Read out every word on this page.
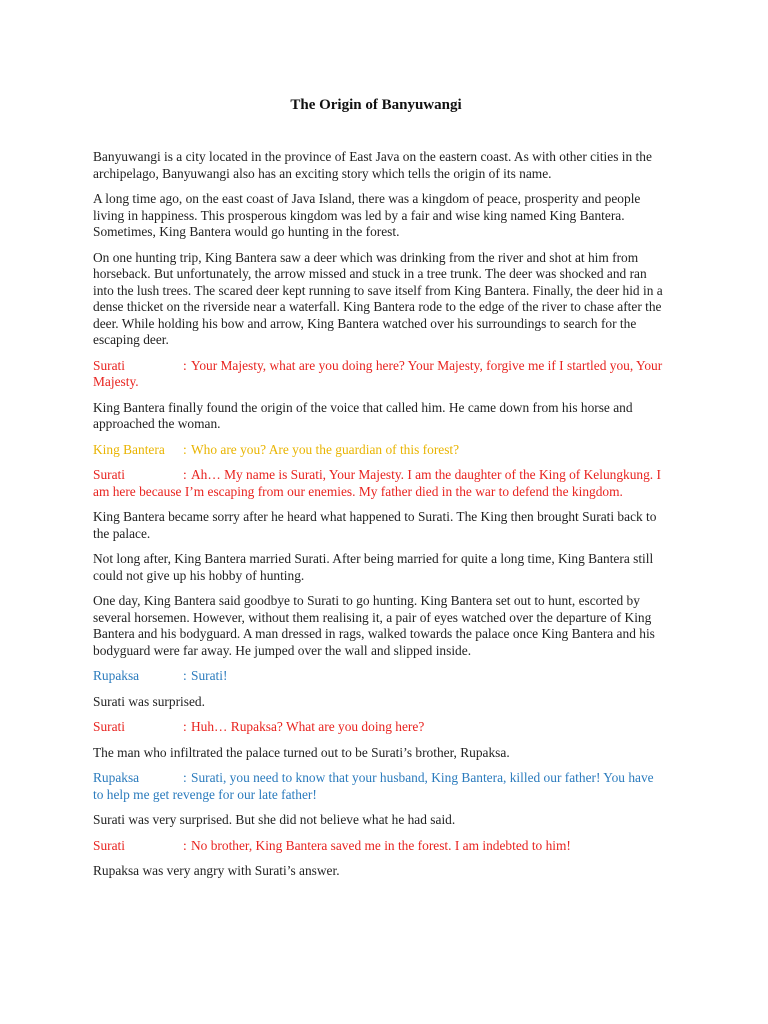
The Origin of Banyuwangi

Banyuwangi is a city located in the province of East Java on the eastern coast. As with other cities in the archipelago, Banyuwangi also has an exciting story which tells the origin of its name.

A long time ago, on the east coast of Java Island, there was a kingdom of peace, prosperity and people living in happiness. This prosperous kingdom was led by a fair and wise king named King Bantera. Sometimes, King Bantera would go hunting in the forest.

On one hunting trip, King Bantera saw a deer which was drinking from the river and shot at him from horseback. But unfortunately, the arrow missed and stuck in a tree trunk. The deer was shocked and ran into the lush trees. The scared deer kept running to save itself from King Bantera. Finally, the deer hid in a dense thicket on the riverside near a waterfall. King Bantera rode to the edge of the river to chase after the deer. While holding his bow and arrow, King Bantera watched over his surroundings to search for the escaping deer.

Surati	: Your Majesty, what are you doing here? Your Majesty, forgive me if I startled you, Your Majesty.

King Bantera finally found the origin of the voice that called him. He came down from his horse and approached the woman.

King Bantera : Who are you? Are you the guardian of this forest?
Surati	: Ah… My name is Surati, Your Majesty. I am the daughter of the King of Kelungkung. I am here because I’m escaping from our enemies. My father died in the war to defend the kingdom.

King Bantera became sorry after he heard what happened to Surati. The King then brought Surati back to the palace.

Not long after, King Bantera married Surati. After being married for quite a long time, King Bantera still could not give up his hobby of hunting.

One day, King Bantera said goodbye to Surati to go hunting. King Bantera set out to hunt, escorted by several horsemen. However, without them realising it, a pair of eyes watched over the departure of King Bantera and his bodyguard. A man dressed in rags, walked towards the palace once King Bantera and his bodyguard were far away. He jumped over the wall and slipped inside.

Rupaksa	: Surati!

Surati was surprised.

Surati	: Huh… Rupaksa? What are you doing here?

The man who infiltrated the palace turned out to be Surati’s brother, Rupaksa.

Rupaksa	: Surati, you need to know that your husband, King Bantera, killed our father! You have to help me get revenge for our late father!

Surati was very surprised. But she did not believe what he had said.

Surati	: No brother, King Bantera saved me in the forest. I am indebted to him!

Rupaksa was very angry with Surati’s answer.
